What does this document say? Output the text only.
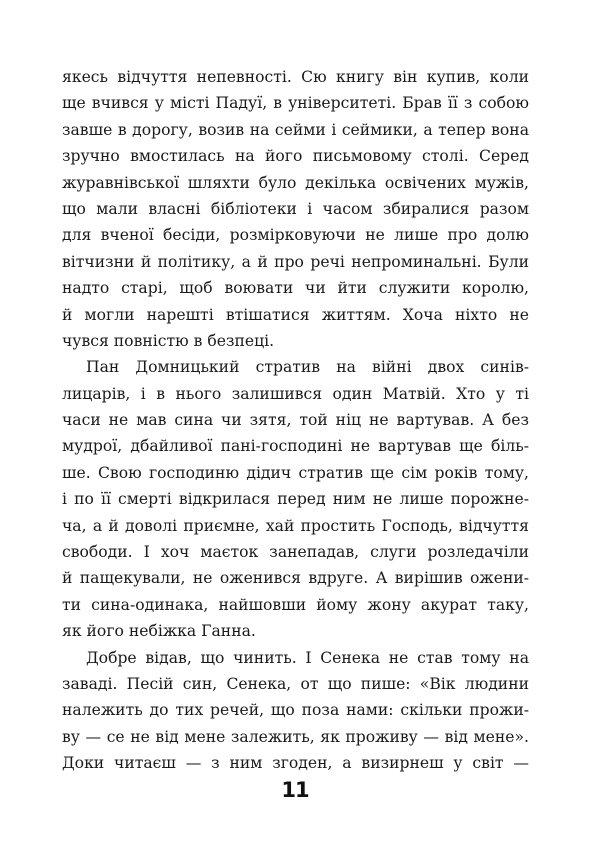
якесь відчуття непевності. Сю книгу він купив, коли
ще вчився у місті Падуї, в університеті. Брав її з собою
завше в дорогу, возив на сейми і сеймики, а тепер вона
зручно вмостилась на його письмовому столі. Серед
журавнівської шляхти було декілька освічених мужів,
що мали власні бібліотеки і часом збиралися разом
для вченої бесіди, розмірковуючи не лише про долю
вітчизни й політику, а й про речі непроминальні. Були
надто старі, щоб воювати чи йти служити королю,
й могли нарешті втішатися життям. Хоча ніхто не
чувся повністю в безпеці.
Пан Домницький стратив на війні двох синів-
лицарів, і в нього залишився один Матвій. Хто у ті
часи не мав сина чи зятя, той ніц не вартував. А без
мудрої, дбайливої пані-господині не вартував ще біль-
ше. Свою господиню дідич стратив ще сім років тому,
і по її смерті відкрилася перед ним не лише порожне-
ча, а й доволі приємне, хай простить Господь, відчуття
свободи. І хоч маєток занепадав, слуги розледачіли
й пащекували, не оженився вдруге. А вирішив ожени-
ти сина-одинака, найшовши йому жону акурат таку,
як його небіжка Ганна.
Добре відав, що чинить. І Сенека не став тому на
заваді. Песій син, Сенека, от що пише: «Вік людини
належить до тих речей, що поза нами: скільки прожи-
ву — се не від мене залежить, як проживу — від мене».
Доки читаєш — з ним згоден, а визирнеш у світ —
11
